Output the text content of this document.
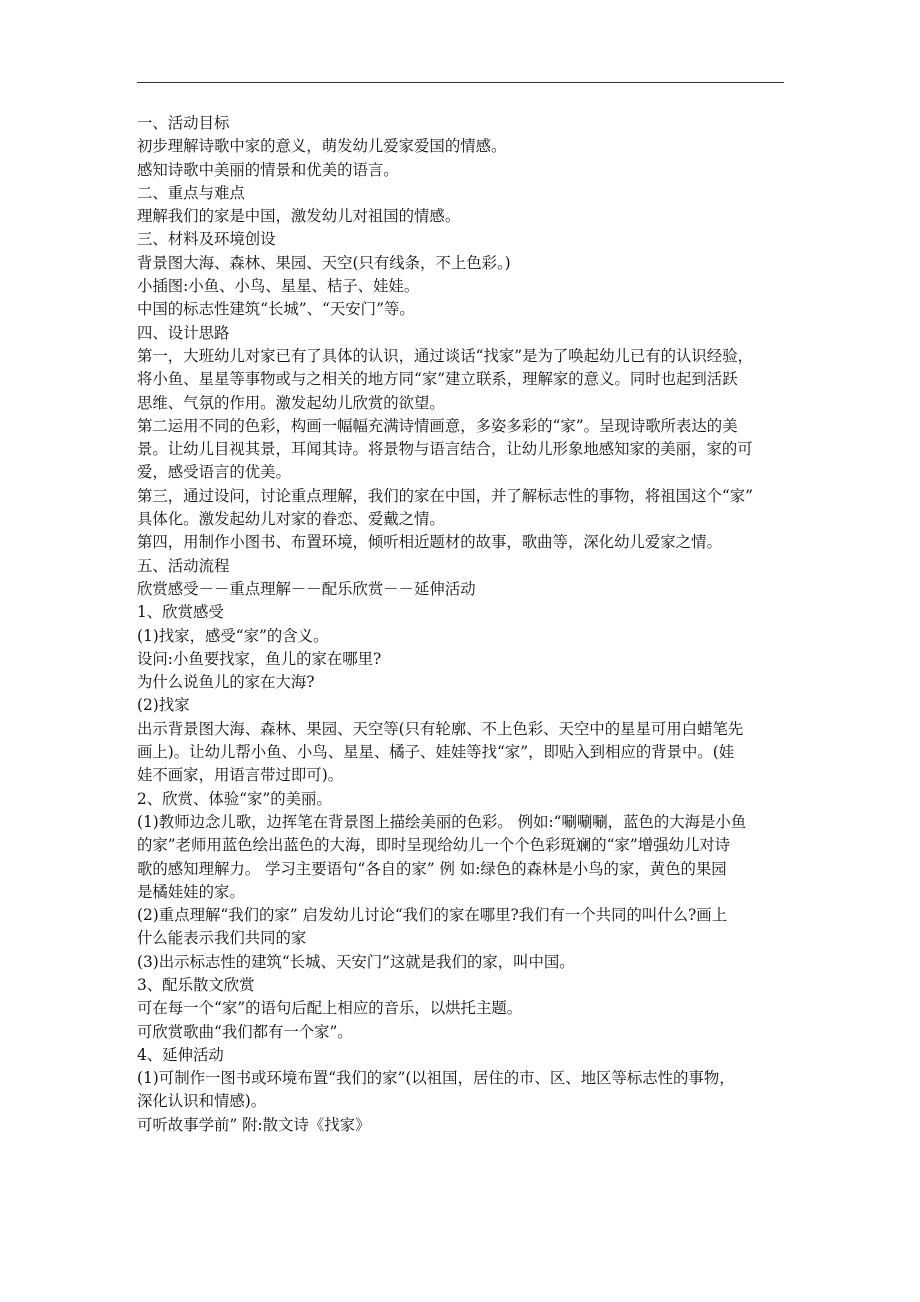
一、活动目标
初步理解诗歌中家的意义，萌发幼儿爱家爱国的情感。
感知诗歌中美丽的情景和优美的语言。
二、重点与难点
理解我们的家是中国，激发幼儿对祖国的情感。
三、材料及环境创设
背景图大海、森林、果园、天空(只有线条，不上色彩。)
小插图:小鱼、小鸟、星星、桔子、娃娃。
中国的标志性建筑“长城”、“天安门”等。
四、设计思路
第一，大班幼儿对家已有了具体的认识，通过谈话“找家”是为了唤起幼儿已有的认识经验，
将小鱼、星星等事物或与之相关的地方同“家”建立联系，理解家的意义。同时也起到活跃
思维、气氛的作用。激发起幼儿欣赏的欲望。
第二运用不同的色彩，构画一幅幅充满诗情画意，多姿多彩的“家”。呈现诗歌所表达的美
景。让幼儿目视其景，耳闻其诗。将景物与语言结合，让幼儿形象地感知家的美丽，家的可
爱，感受语言的优美。
第三，通过设问，讨论重点理解，我们的家在中国，并了解标志性的事物，将祖国这个“家”
具体化。激发起幼儿对家的眷恋、爱戴之情。
第四，用制作小图书、布置环境，倾听相近题材的故事，歌曲等，深化幼儿爱家之情。
五、活动流程
欣赏感受－－重点理解－－配乐欣赏－－延伸活动
1、欣赏感受
(1)找家，感受“家”的含义。
设问:小鱼要找家，鱼儿的家在哪里?
为什么说鱼儿的家在大海?
(2)找家
出示背景图大海、森林、果园、天空等(只有轮廓、不上色彩、天空中的星星可用白蜡笔先
画上)。让幼儿帮小鱼、小鸟、星星、橘子、娃娃等找“家”，即贴入到相应的背景中。(娃
娃不画家，用语言带过即可)。
2、欣赏、体验“家”的美丽。
(1)教师边念儿歌，边挥笔在背景图上描绘美丽的色彩。 例如:“唰唰唰，蓝色的大海是小鱼
的家”老师用蓝色绘出蓝色的大海，即时呈现给幼儿一个个色彩斑斓的“家”增强幼儿对诗
歌的感知理解力。 学习主要语句“各自的家” 例 如:绿色的森林是小鸟的家，黄色的果园
是橘娃娃的家。
(2)重点理解“我们的家” 启发幼儿讨论“我们的家在哪里?我们有一个共同的叫什么?画上
什么能表示我们共同的家
(3)出示标志性的建筑“长城、天安门”这就是我们的家，叫中国。
3、配乐散文欣赏
可在每一个“家”的语句后配上相应的音乐，以烘托主题。
可欣赏歌曲“我们都有一个家”。
4、延伸活动
(1)可制作一图书或环境布置“我们的家”(以祖国，居住的市、区、地区等标志性的事物，
深化认识和情感)。
可听故事学前” 附:散文诗《找家》
